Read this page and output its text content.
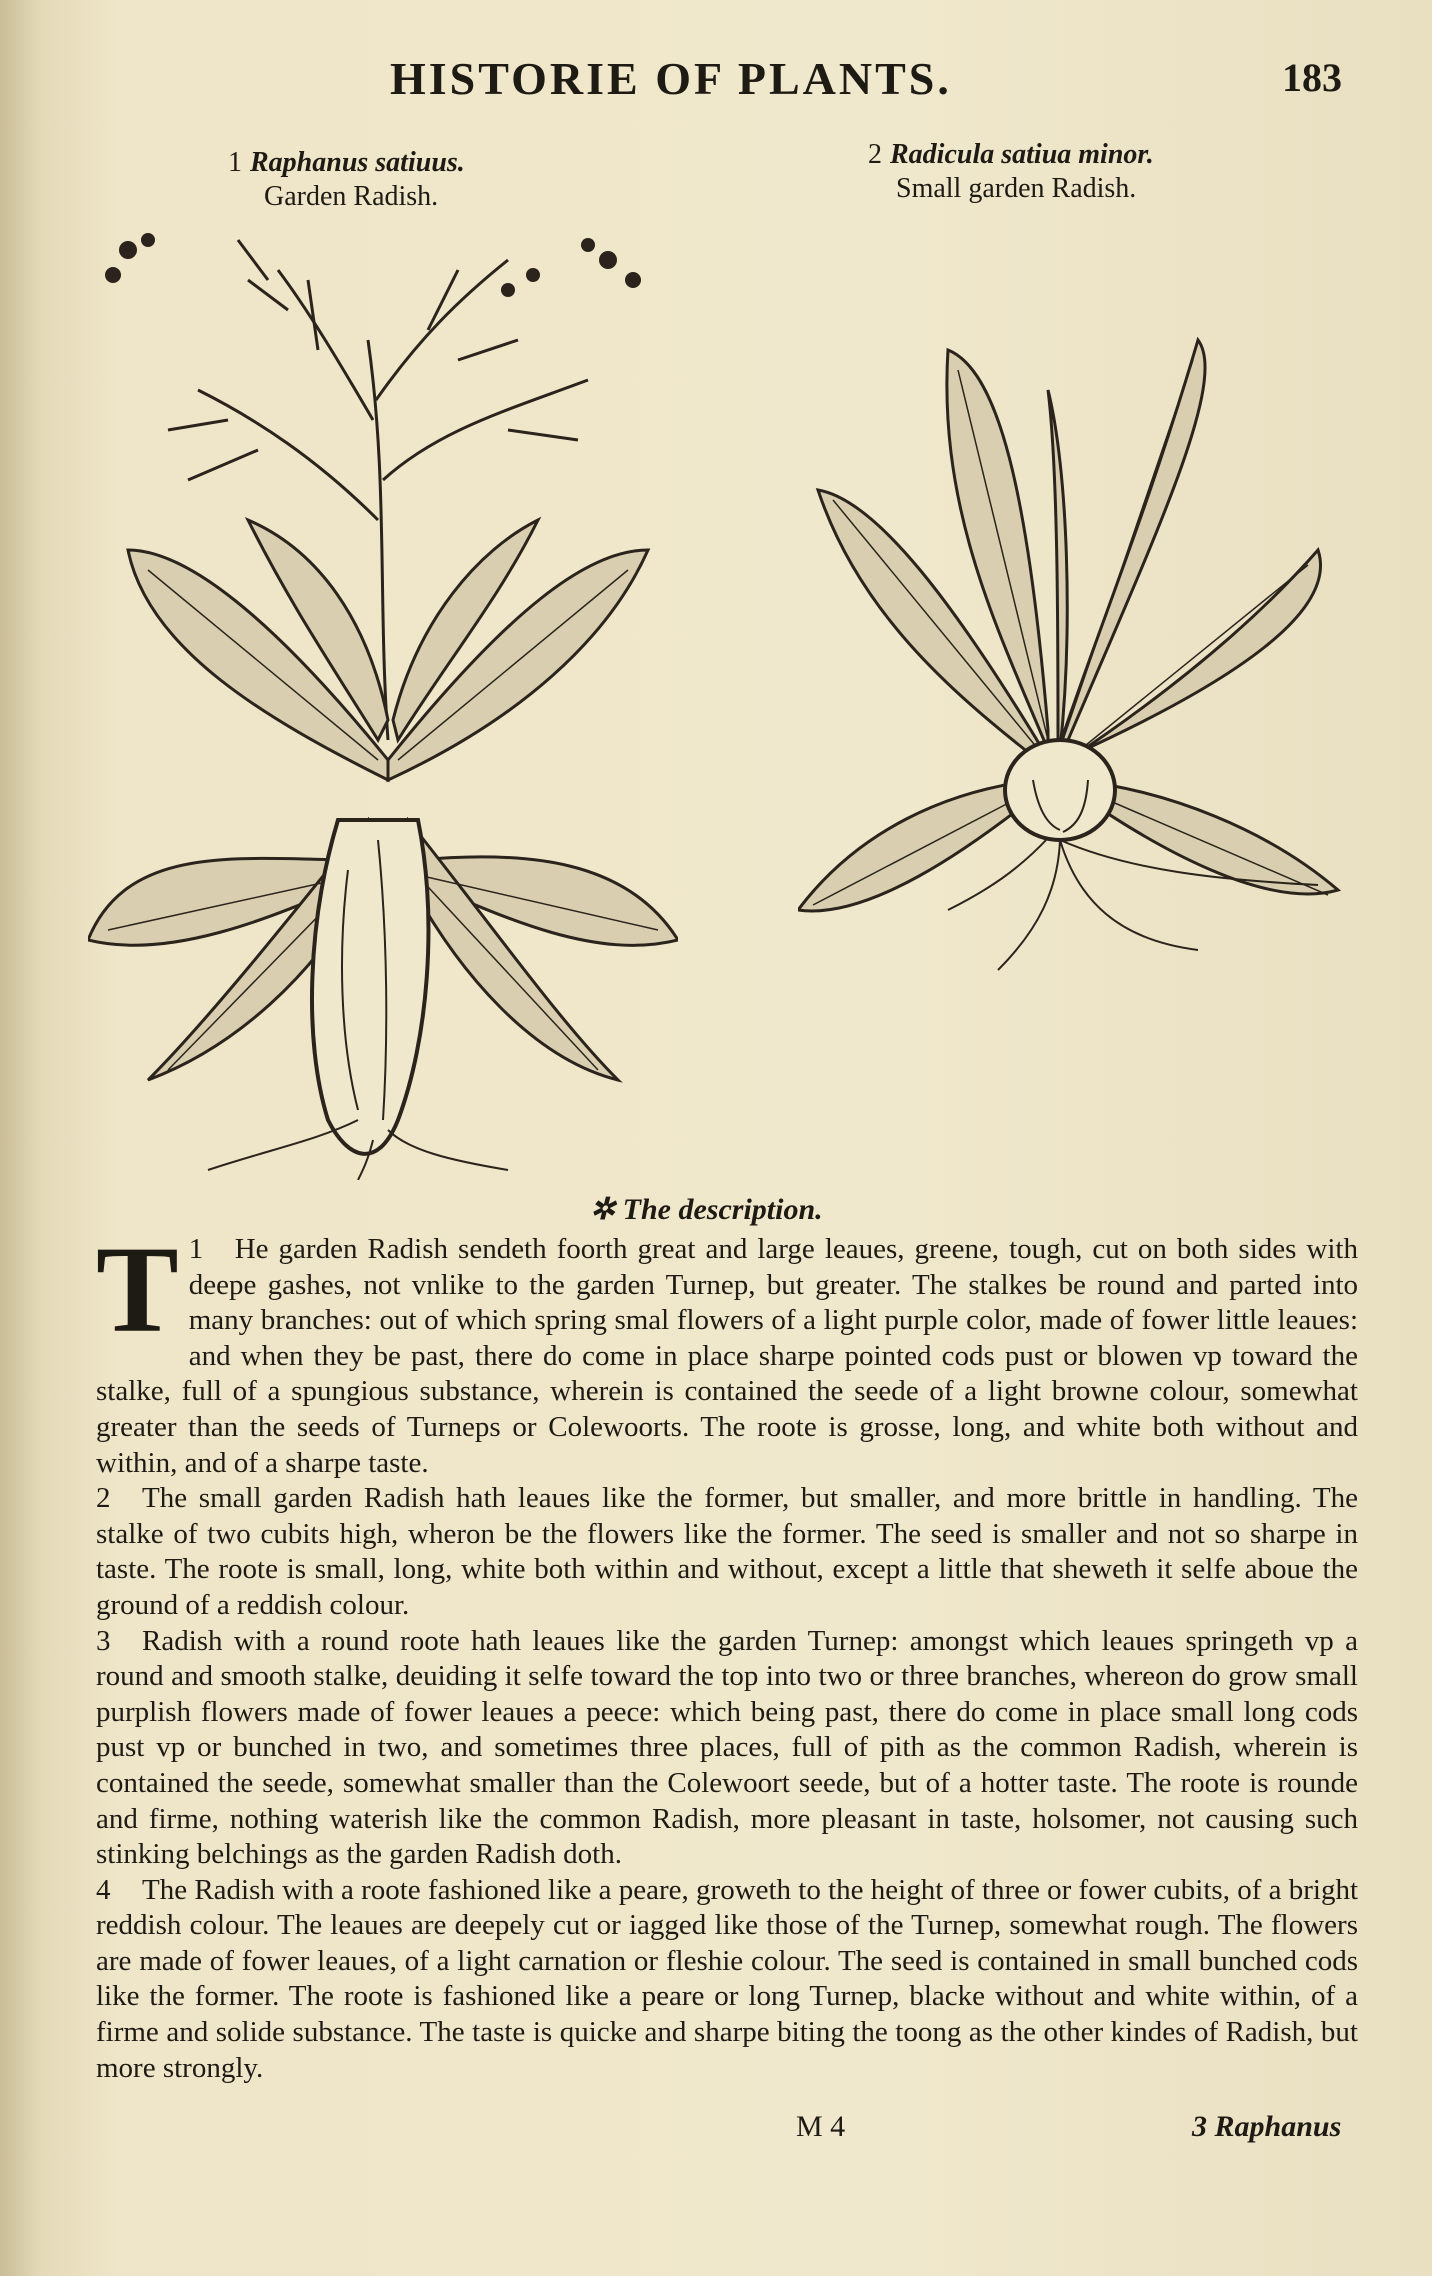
HISTORIE OF PLANTS.	183
1 Raphanus satiuus.
Garden Radish.
2 Radicula satiua minor.
Small garden Radish.
✲ The description.

1
T He garden Radish sendeth foorth great and large leaues, greene, tough, cut on both sides with deepe gashes, not vnlike to the garden Turnep, but greater. The stalkes be round and parted into many branches: out of which spring smal flowers of a light purple color, made of fower little leaues: and when they be past, there do come in place sharpe pointed cods pust or blowen vp toward the stalke, full of a spungious substance, wherein is contained the seede of a light browne colour, somewhat greater than the seeds of Turneps or Colewoorts. The roote is grosse, long, and white both without and within, and of a sharpe taste.

2 The small garden Radish hath leaues like the former, but smaller, and more brittle in handling. The stalke of two cubits high, wheron be the flowers like the former. The seed is smaller and not so sharpe in taste. The roote is small, long, white both within and without, except a little that sheweth it selfe aboue the ground of a reddish colour.

3 Radish with a round roote hath leaues like the garden Turnep: amongst which leaues springeth vp a round and smooth stalke, deuiding it selfe toward the top into two or three branches, whereon do grow small purplish flowers made of fower leaues a peece: which being past, there do come in place small long cods pust vp or bunched in two, and sometimes three places, full of pith as the common Radish, wherein is contained the seede, somewhat smaller than the Colewoort seede, but of a hotter taste. The roote is rounde and firme, nothing waterish like the common Radish, more pleasant in taste, holsomer, not causing such stinking belchings as the garden Radish doth.

4 The Radish with a roote fashioned like a peare, groweth to the height of three or fower cubits, of a bright reddish colour. The leaues are deepely cut or iagged like those of the Turnep, somewhat rough. The flowers are made of fower leaues, of a light carnation or fleshie colour. The seed is contained in small bunched cods like the former. The roote is fashioned like a peare or long Turnep, blacke without and white within, of a firme and solide substance. The taste is quicke and sharpe biting the toong as the other kindes of Radish, but more strongly.

M 4	3 Raphanus
